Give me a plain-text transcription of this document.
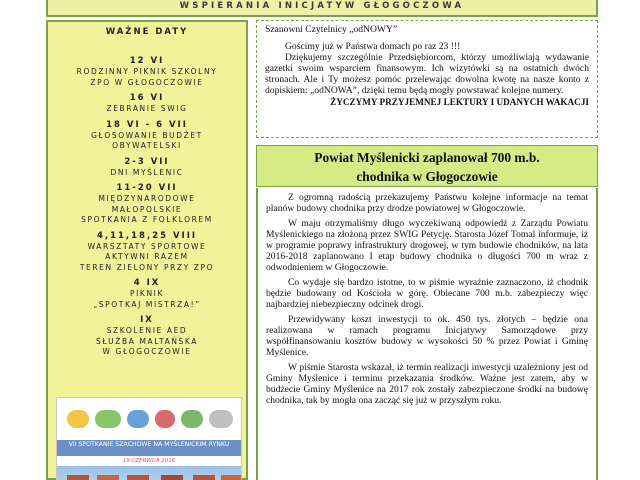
WSPIERANIA INICJATYW GŁOGOCZOWA
WAŻNE DATY
12 VI
RODZINNY PIKNIK SZKOLNY
ZPO W GŁOGOCZOWIE
16 VI
ZEBRANIE SWIG
18 VI - 6 VII
GŁOSOWANIE BUDŻET
OBYWATELSKI
2-3 VII
DNI MYŚLENIC
11-20 VII
MIĘDZYNARODOWE
MAŁOPOLSKIE
SPOTKANIA Z FOLKLOREM
4,11,18,25 VIII
WARSZTATY SPORTOWE
AKTYWNI RAZEM
TEREN ZIELONY PRZY ZPO
4 IX
PIKNIK
„SPOTKAJ MISTRZA!”
IX
SZKOLENIE AED
SŁUŻBA MALTAŃSKA
W GŁOGOCZOWIE
VII SPOTKANIE SZACHOWE NA MYŚLENICKIM RYNKU
19 CZERWCA 2016

Szanowni Czytelnicy „odNOWY”

Gościmy już w Państwa domach po raz 23 !!!

Dziękujemy szczególnie Przedsiębiorcom, którzy umożliwiają wydawanie gazetki swoim wsparciem finansowym. Ich wizytówki są na ostatnich dwóch stronach. Ale i Ty możesz pomóc przelewając dowolna kwotę na nasze konto z dopiskiem: „odNOWA”, dzięki temu będą mogły powstawać kolejne numery.

ŻYCZYMY PRZYJEMNEJ LEKTURY I UDANYCH WAKACJI

Powiat Myślenicki zaplanował 700 m.b.
chodnika w Głogoczowie

Z ogromną radością przekazujemy Państwu kolejne informacje na temat planów budowy chodnika przy drodze powiatowej w Głogoczowie.

W maju otrzymaliśmy długo wyczekiwaną odpowiedź z Zarządu Powiatu Myślenickiego na złożoną przez SWIG Petycję. Starosta Józef Tomal informuje, iż w programie poprawy infrastruktury drogowej, w tym budowie chodników, na lata 2016-2018 zaplanowano I etap budowy chodnika o długości 700 m wraz z odwodnieniem w Głogoczowie.

Co wydaje się bardzo istotne, to w piśmie wyraźnie zaznaczono, iż chodnik będzie budowany od Kościoła w górę. Obiecane 700 m.b. zabezpieczy więc najbardziej niebezpieczny odcinek drogi.

Przewidywany koszt inwestycji to ok. 450 tys. złotych – będzie ona realizowana w ramach programu Inicjatywy Samorządowe przy współfinansowaniu kosztów budowy w wysokości 50 % przez Powiat i Gminę Myślenice.

W piśmie Starosta wskazał, iż termin realizacji inwestycji uzależniony jest od Gminy Myślenice i terminu przekazania środków. Ważne jest zatem, aby w budżecie Gminy Myślenice na 2017 rok zostały zabezpieczone środki na budowę chodnika, tak by mogła ona zacząć się już w przyszłym roku.
